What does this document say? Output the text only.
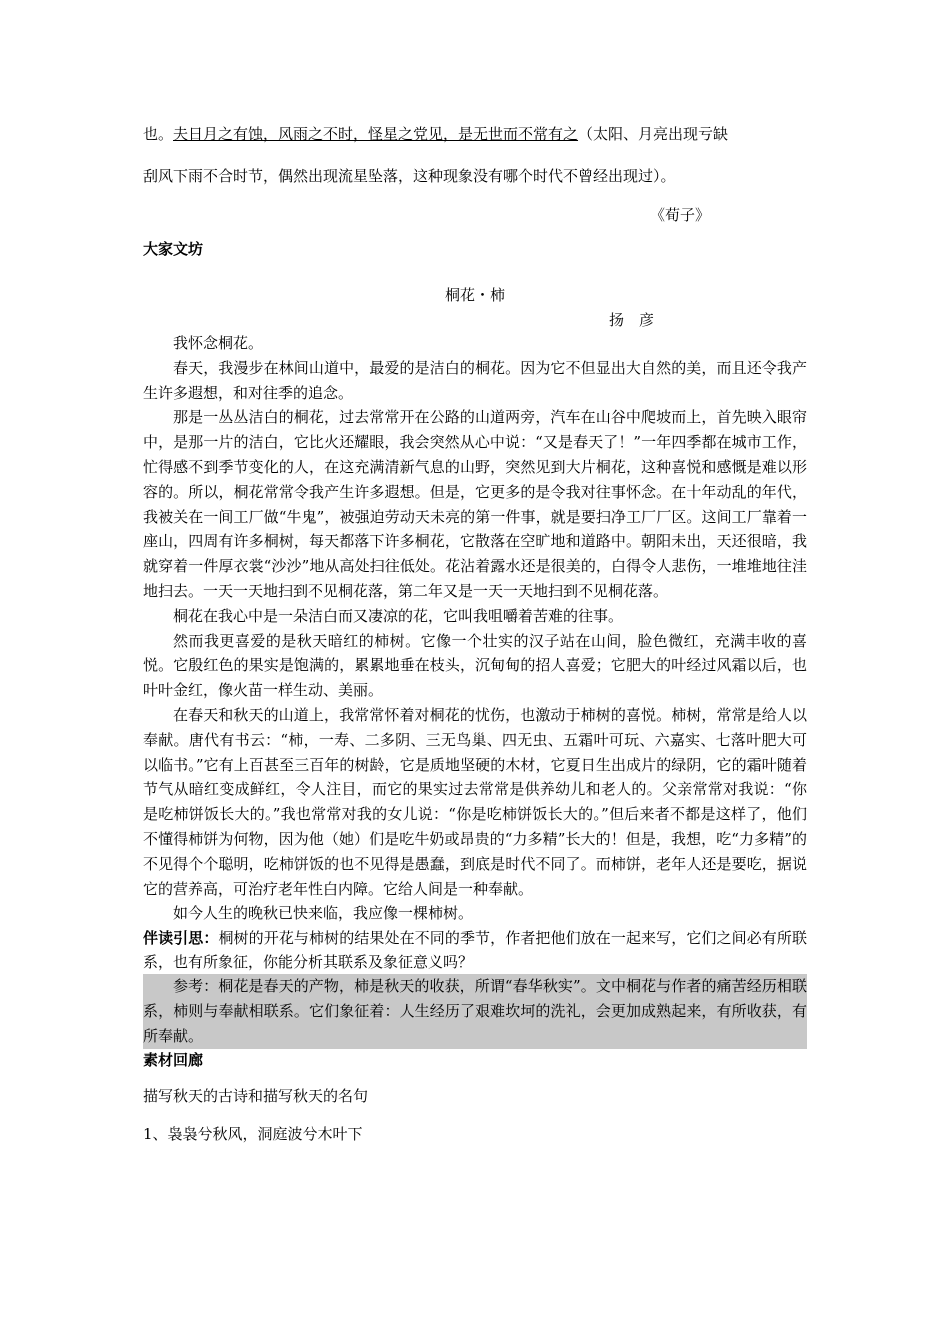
也。夫日月之有蚀，风雨之不时，怪星之党见，是无世而不常有之（太阳、月亮出现亏缺

刮风下雨不合时节，偶然出现流星坠落，这种现象没有哪个时代不曾经出现过）。

《荀子》

大家文坊

桐花・柿

扬　彦

我怀念桐花。

春天，我漫步在林间山道中，最爱的是洁白的桐花。因为它不但显出大自然的美，而且还令我产生许多遐想，和对往季的追念。

那是一丛丛洁白的桐花，过去常常开在公路的山道两旁，汽车在山谷中爬坡而上，首先映入眼帘中，是那一片的洁白，它比火还耀眼，我会突然从心中说：“又是春天了！”一年四季都在城市工作，忙得感不到季节变化的人，在这充满清新气息的山野，突然见到大片桐花，这种喜悦和感慨是难以形容的。所以，桐花常常令我产生许多遐想。但是，它更多的是令我对往事怀念。在十年动乱的年代，我被关在一间工厂做“牛鬼”，被强迫劳动天未亮的第一件事，就是要扫净工厂厂区。这间工厂靠着一座山，四周有许多桐树，每天都落下许多桐花，它散落在空旷地和道路中。朝阳未出，天还很暗，我就穿着一件厚衣裳“沙沙”地从高处扫往低处。花沾着露水还是很美的，白得令人悲伤，一堆堆地往洼地扫去。一天一天地扫到不见桐花落，第二年又是一天一天地扫到不见桐花落。

桐花在我心中是一朵洁白而又凄凉的花，它叫我咀嚼着苦难的往事。

然而我更喜爱的是秋天暗红的柿树。它像一个壮实的汉子站在山间，脸色微红，充满丰收的喜悦。它殷红色的果实是饱满的，累累地垂在枝头，沉甸甸的招人喜爱；它肥大的叶经过风霜以后，也叶叶金红，像火苗一样生动、美丽。

在春天和秋天的山道上，我常常怀着对桐花的忧伤，也激动于柿树的喜悦。柿树，常常是给人以奉献。唐代有书云：“柿，一寿、二多阴、三无鸟巢、四无虫、五霜叶可玩、六嘉实、七落叶肥大可以临书。”它有上百甚至三百年的树龄，它是质地坚硬的木材，它夏日生出成片的绿阴，它的霜叶随着节气从暗红变成鲜红，令人注目，而它的果实过去常常是供养幼儿和老人的。父亲常常对我说：“你是吃柿饼饭长大的。”我也常常对我的女儿说：“你是吃柿饼饭长大的。”但后来者不都是这样了，他们不懂得柿饼为何物，因为他（她）们是吃牛奶或昂贵的“力多精”长大的！但是，我想，吃“力多精”的不见得个个聪明，吃柿饼饭的也不见得是愚蠢，到底是时代不同了。而柿饼，老年人还是要吃，据说它的营养高，可治疗老年性白内障。它给人间是一种奉献。

如今人生的晚秋已快来临，我应像一棵柿树。

伴读引思：桐树的开花与柿树的结果处在不同的季节，作者把他们放在一起来写，它们之间必有所联系，也有所象征，你能分析其联系及象征意义吗？

参考：桐花是春天的产物，柿是秋天的收获，所谓“春华秋实”。文中桐花与作者的痛苦经历相联系，柿则与奉献相联系。它们象征着：人生经历了艰难坎坷的洗礼，会更加成熟起来，有所收获，有所奉献。

素材回廊

描写秋天的古诗和描写秋天的名句

1、袅袅兮秋风，洞庭波兮木叶下
